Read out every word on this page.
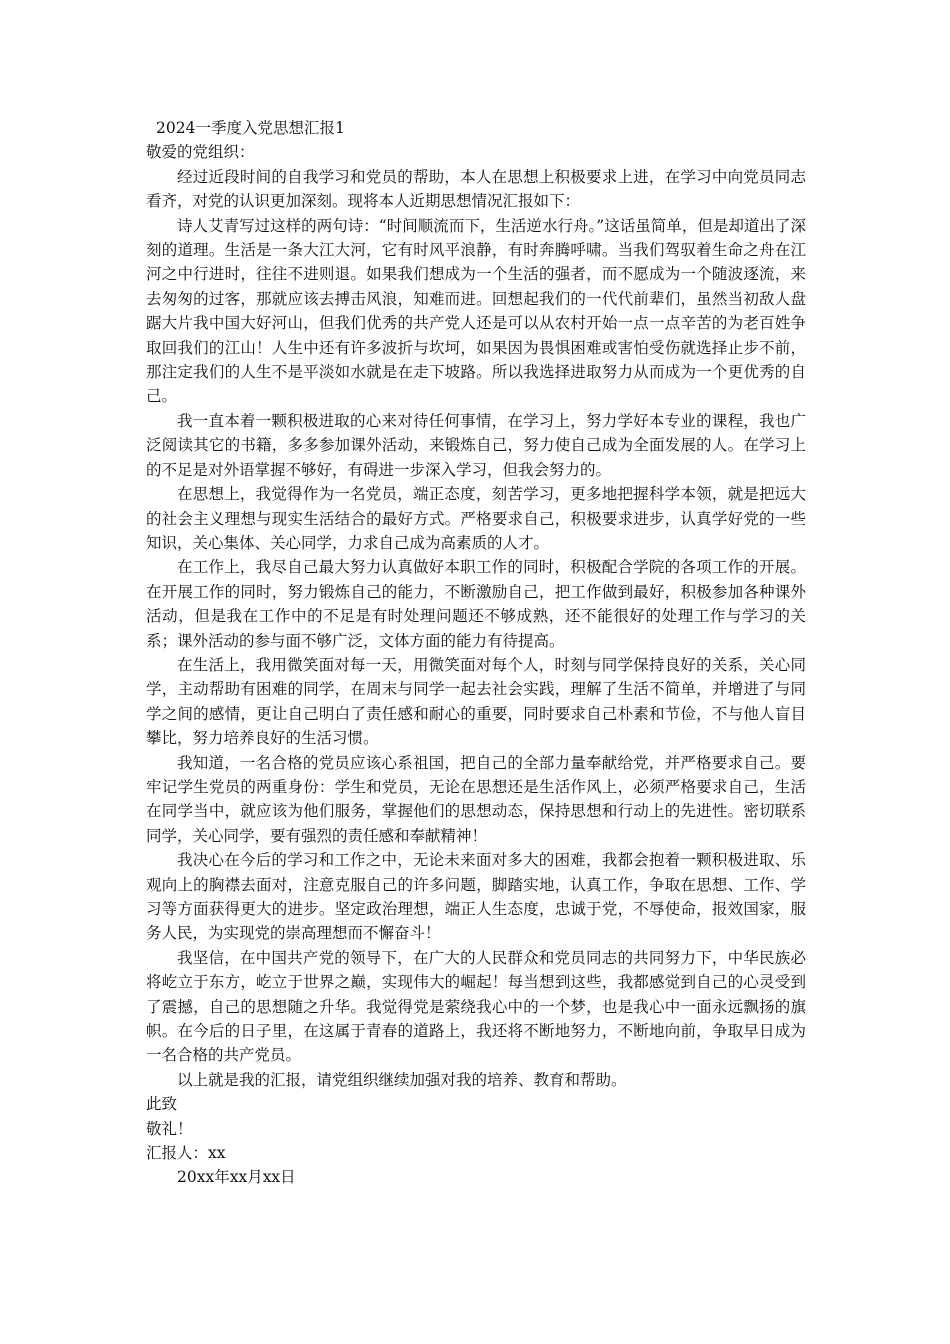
2024一季度入党思想汇报1

敬爱的党组织：

经过近段时间的自我学习和党员的帮助，本人在思想上积极要求上进，在学习中向党员同志看齐，对党的认识更加深刻。现将本人近期思想情况汇报如下：

诗人艾青写过这样的两句诗：“时间顺流而下，生活逆水行舟。”这话虽简单，但是却道出了深刻的道理。生活是一条大江大河，它有时风平浪静，有时奔腾呼啸。当我们驾驭着生命之舟在江河之中行进时，往往不进则退。如果我们想成为一个生活的强者，而不愿成为一个随波逐流，来去匆匆的过客，那就应该去搏击风浪，知难而进。回想起我们的一代代前辈们，虽然当初敌人盘踞大片我中国大好河山，但我们优秀的共产党人还是可以从农村开始一点一点辛苦的为老百姓争取回我们的江山！人生中还有许多波折与坎坷，如果因为畏惧困难或害怕受伤就选择止步不前，那注定我们的人生不是平淡如水就是在走下坡路。所以我选择进取努力从而成为一个更优秀的自己。

我一直本着一颗积极进取的心来对待任何事情，在学习上，努力学好本专业的课程，我也广泛阅读其它的书籍，多多参加课外活动，来锻炼自己，努力使自己成为全面发展的人。在学习上的不足是对外语掌握不够好，有碍进一步深入学习，但我会努力的。

在思想上，我觉得作为一名党员，端正态度，刻苦学习，更多地把握科学本领，就是把远大的社会主义理想与现实生活结合的最好方式。严格要求自己，积极要求进步，认真学好党的一些知识，关心集体、关心同学，力求自己成为高素质的人才。

在工作上，我尽自己最大努力认真做好本职工作的同时，积极配合学院的各项工作的开展。在开展工作的同时，努力锻炼自己的能力，不断激励自己，把工作做到最好，积极参加各种课外活动，但是我在工作中的不足是有时处理问题还不够成熟，还不能很好的处理工作与学习的关系；课外活动的参与面不够广泛，文体方面的能力有待提高。

在生活上，我用微笑面对每一天，用微笑面对每个人，时刻与同学保持良好的关系，关心同学，主动帮助有困难的同学，在周末与同学一起去社会实践，理解了生活不简单，并增进了与同学之间的感情，更让自己明白了责任感和耐心的重要，同时要求自己朴素和节俭，不与他人盲目攀比，努力培养良好的生活习惯。

我知道，一名合格的党员应该心系祖国，把自己的全部力量奉献给党，并严格要求自己。要牢记学生党员的两重身份：学生和党员，无论在思想还是生活作风上，必须严格要求自己，生活在同学当中，就应该为他们服务，掌握他们的思想动态，保持思想和行动上的先进性。密切联系同学，关心同学，要有强烈的责任感和奉献精神！

我决心在今后的学习和工作之中，无论未来面对多大的困难，我都会抱着一颗积极进取、乐观向上的胸襟去面对，注意克服自己的许多问题，脚踏实地，认真工作，争取在思想、工作、学习等方面获得更大的进步。坚定政治理想，端正人生态度，忠诚于党，不辱使命，报效国家，服务人民，为实现党的崇高理想而不懈奋斗！

我坚信，在中国共产党的领导下，在广大的人民群众和党员同志的共同努力下，中华民族必将屹立于东方，屹立于世界之巅，实现伟大的崛起！每当想到这些，我都感觉到自己的心灵受到了震撼，自己的思想随之升华。我觉得党是萦绕我心中的一个梦，也是我心中一面永远飘扬的旗帜。在今后的日子里，在这属于青春的道路上，我还将不断地努力，不断地向前，争取早日成为一名合格的共产党员。

以上就是我的汇报，请党组织继续加强对我的培养、教育和帮助。

此致

敬礼！

汇报人：xx

20xx年xx月xx日
